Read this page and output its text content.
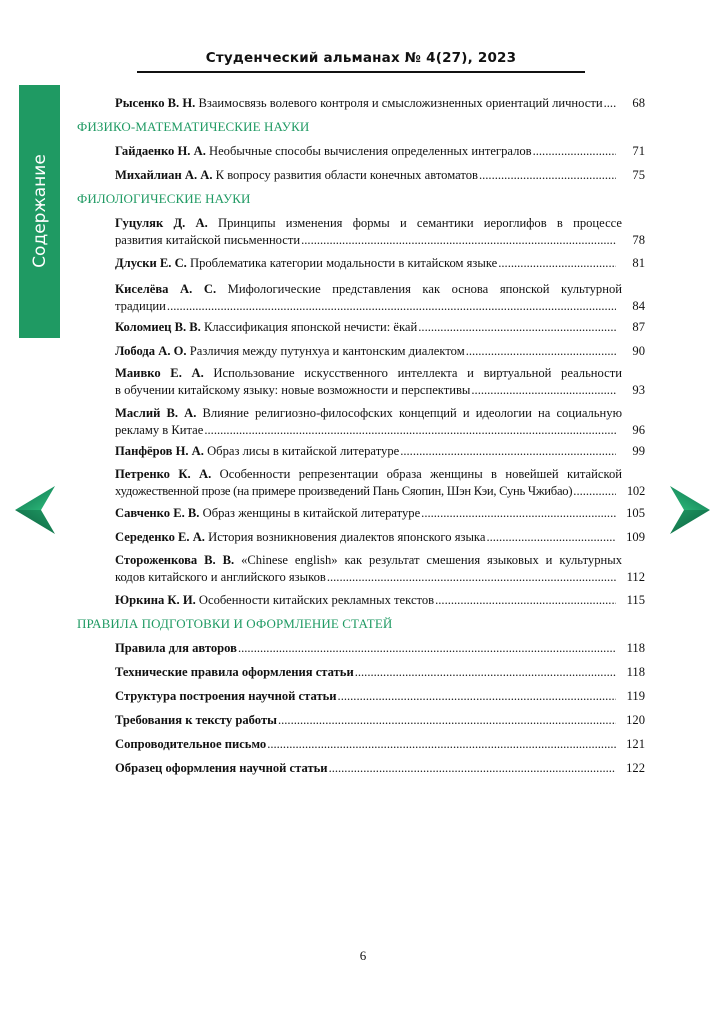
Студенческий альманах № 4(27), 2023
Содержание
Рысенко В. Н. Взаимосвязь волевого контроля и смысложизненных ориентаций личности .....	68
ФИЗИКО-МАТЕМАТИЧЕСКИЕ НАУКИ
Гайдаенко Н. А. Необычные способы вычисления определенных интегралов .....	71
Михайлиан А. А. К вопросу развития области конечных автоматов .....	75
ФИЛОЛОГИЧЕСКИЕ НАУКИ
Гуцуляк Д. А. Принципы изменения формы и семантики иероглифов в процессе
развития китайской письменности .....	78
Длуски Е. С. Проблематика категории модальности в китайском языке .....	81
Киселёва А. С. Мифологические представления как основа японской культурной
традиции .....	84
Коломиец В. В. Классификация японской нечисти: ёкай .....	87
Лобода А. О. Различия между путунхуа и кантонским диалектом .....	90
Маивко Е. А. Использование искусственного интеллекта и виртуальной реальности
в обучении китайскому языку: новые возможности и перспективы .....	93
Маслий В. А. Влияние религиозно-философских концепций и идеологии на социальную
рекламу в Китае .....	96
Панфёров Н. А. Образ лисы в китайской литературе .....	99
Петренко К. А. Особенности репрезентации образа женщины в новейшей китайской
художественной прозе (на примере произведений Пань Сяопин, Шэн Кэи, Сунь Чжибао) .....	102
Савченко Е. В. Образ женщины в китайской литературе .....	105
Середенко Е. А. История возникновения диалектов японского языка .....	109
Стороженкова В. В. «Chinese english» как результат смешения языковых и культурных
кодов китайского и английского языков .....	112
Юркина К. И. Особенности китайских рекламных текстов .....	115
ПРАВИЛА ПОДГОТОВКИ И ОФОРМЛЕНИЕ СТАТЕЙ
Правила для авторов .....	118
Технические правила оформления статьи .....	118
Структура построения научной статьи .....	119
Требования к тексту работы .....	120
Сопроводительное письмо .....	121
Образец оформления научной статьи .....	122
6
